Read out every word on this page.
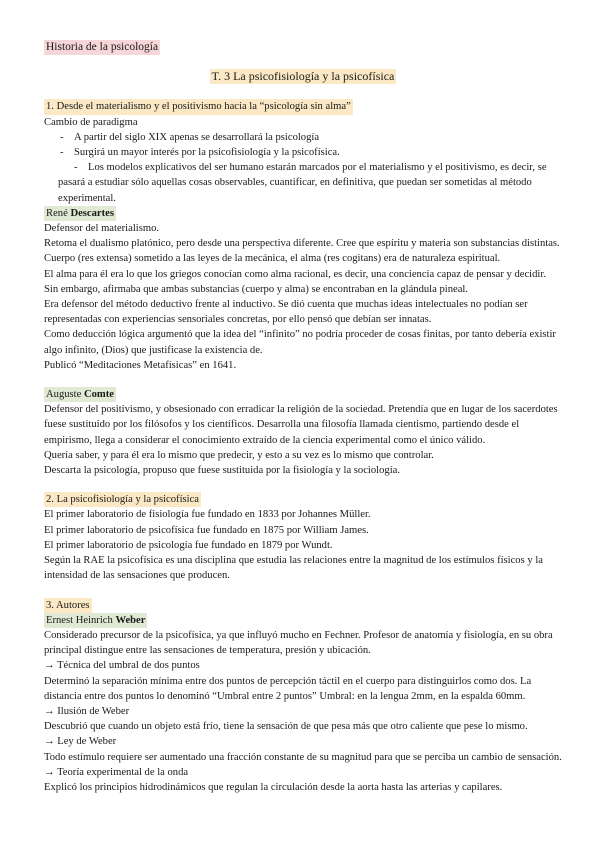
Historia de la psicología

T. 3 La psicofisiología y la psicofísica

1. Desde el materialismo y el positivismo hacia la “psicología sin alma”

Cambio de paradigma

- A partir del siglo XIX apenas se desarrollará la psicología
- Surgirá un mayor interés por la psicofisiología y la psicofísica.
- Los modelos explicativos del ser humano estarán marcados por el materialismo y el positivismo, es decir, se pasará a estudiar sólo aquellas cosas observables, cuantificar, en definitiva, que puedan ser sometidas al método experimental.

René Descartes

Defensor del materialismo.

Retoma el dualismo platónico, pero desde una perspectiva diferente. Cree que espíritu y materia son substancias distintas. Cuerpo (res extensa) sometido a las leyes de la mecánica, el alma (res cogitans) era de naturaleza espiritual.

El alma para él era lo que los griegos conocían como alma racional, es decir, una conciencia capaz de pensar y decidir. Sin embargo, afirmaba que ambas substancias (cuerpo y alma) se encontraban en la glándula pineal.

Era defensor del método deductivo frente al inductivo. Se dió cuenta que muchas ideas intelectuales no podían ser representadas con experiencias sensoriales concretas, por ello pensó que debían ser innatas.

Como deducción lógica argumentó que la idea del “infinito” no podría proceder de cosas finitas, por tanto debería existir algo infinito, (Dios) que justificase la existencia de.

Publicó “Meditaciones Metafísicas” en 1641.

Auguste Comte

Defensor del positivismo, y obsesionado con erradicar la religión de la sociedad. Pretendía que en lugar de los sacerdotes fuese sustituido por los filósofos y los científicos. Desarrolla una filosofía llamada cientismo, partiendo desde el empirismo, llega a considerar el conocimiento extraído de la ciencia experimental como el único válido.

Quería saber, y para él era lo mismo que predecir, y esto a su vez es lo mismo que controlar.

Descarta la psicología, propuso que fuese sustituida por la fisiología y la sociología.

2. La psicofisiología y la psicofísica

El primer laboratorio de fisiología fue fundado en 1833 por Johannes Müller.

El primer laboratorio de psicofísica fue fundado en 1875 por William James.

El primer laboratorio de psicología fue fundado en 1879 por Wundt.

Según la RAE la psicofísica es una disciplina que estudia las relaciones entre la magnitud de los estímulos físicos y la intensidad de las sensaciones que producen.

3. Autores

Ernest Heinrich Weber

Considerado precursor de la psicofísica, ya que influyó mucho en Fechner. Profesor de anatomía y fisiología, en su obra principal distingue entre las sensaciones de temperatura, presión y ubicación.

→ Técnica del umbral de dos puntos

Determinó la separación mínima entre dos puntos de percepción táctil en el cuerpo para distinguirlos como dos. La distancia entre dos puntos lo denominó “Umbral entre 2 puntos” Umbral: en la lengua 2mm, en la espalda 60mm.

→ Ilusión de Weber

Descubrió que cuando un objeto está frío, tiene la sensación de que pesa más que otro caliente que pese lo mismo.

→ Ley de Weber

Todo estímulo requiere ser aumentado una fracción constante de su magnitud para que se perciba un cambio de sensación.

→ Teoría experimental de la onda

Explicó los principios hidrodinámicos que regulan la circulación desde la aorta hasta las arterias y capilares.
